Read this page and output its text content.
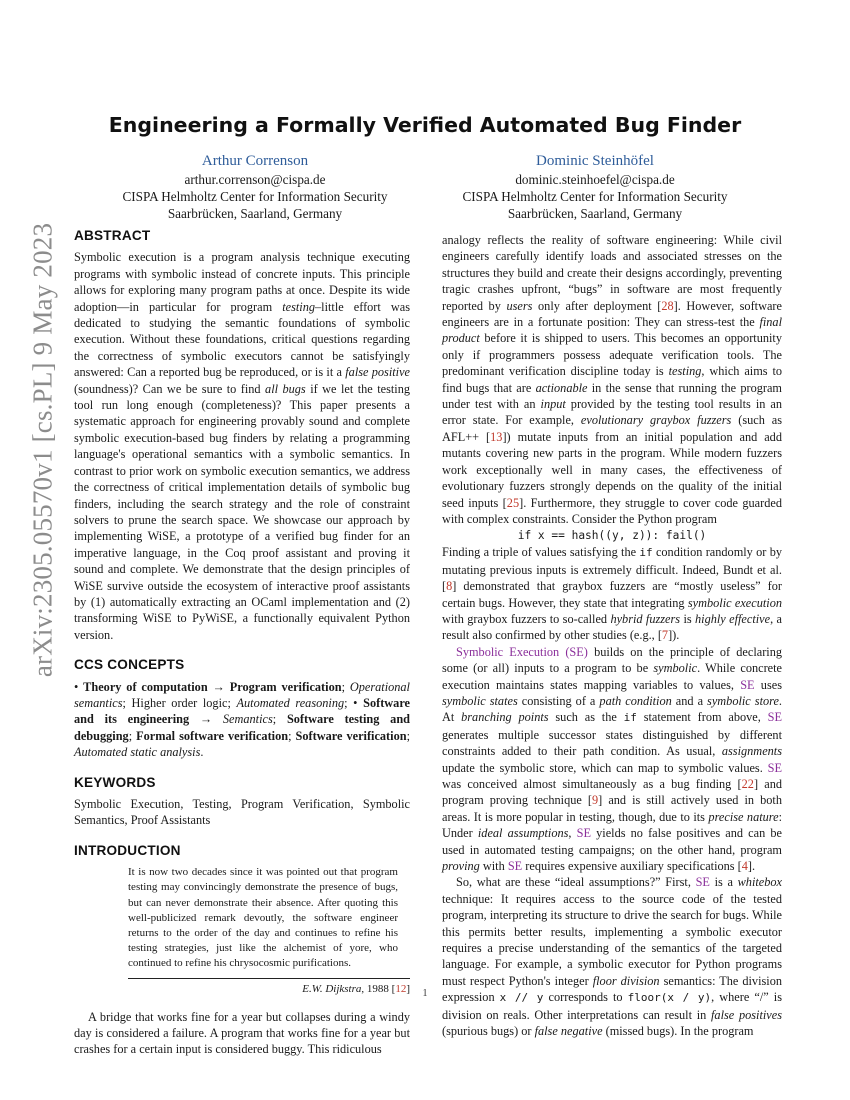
arXiv:2305.05570v1 [cs.PL] 9 May 2023
Engineering a Formally Verified Automated Bug Finder
Arthur Correnson
arthur.correnson@cispa.de
CISPA Helmholtz Center for Information Security
Saarbrücken, Saarland, Germany
Dominic Steinhöfel
dominic.steinhoefel@cispa.de
CISPA Helmholtz Center for Information Security
Saarbrücken, Saarland, Germany
ABSTRACT

Symbolic execution is a program analysis technique executing programs with symbolic instead of concrete inputs. This principle allows for exploring many program paths at once. Despite its wide adoption—in particular for program testing–little effort was dedicated to studying the semantic foundations of symbolic execution. Without these foundations, critical questions regarding the correctness of symbolic executors cannot be satisfyingly answered: Can a reported bug be reproduced, or is it a false positive (soundness)? Can we be sure to find all bugs if we let the testing tool run long enough (completeness)? This paper presents a systematic approach for engineering provably sound and complete symbolic execution-based bug finders by relating a programming language's operational semantics with a symbolic semantics. In contrast to prior work on symbolic execution semantics, we address the correctness of critical implementation details of symbolic bug finders, including the search strategy and the role of constraint solvers to prune the search space. We showcase our approach by implementing WiSE, a prototype of a verified bug finder for an imperative language, in the Coq proof assistant and proving it sound and complete. We demonstrate that the design principles of WiSE survive outside the ecosystem of interactive proof assistants by (1) automatically extracting an OCaml implementation and (2) transforming WiSE to PyWiSE, a functionally equivalent Python version.

CCS CONCEPTS

• Theory of computation → Program verification; Operational semantics; Higher order logic; Automated reasoning; • Software and its engineering → Semantics; Software testing and debugging; Formal software verification; Software verification; Automated static analysis.

KEYWORDS

Symbolic Execution, Testing, Program Verification, Symbolic Semantics, Proof Assistants

INTRODUCTION
It is now two decades since it was pointed out that program testing may convincingly demonstrate the presence of bugs, but can never demonstrate their absence. After quoting this well-publicized remark devoutly, the software engineer returns to the order of the day and continues to refine his testing strategies, just like the alchemist of yore, who continued to refine his chrysocosmic purifications.
E.W. Dijkstra, 1988 [12]

A bridge that works fine for a year but collapses during a windy day is considered a failure. A program that works fine for a year but crashes for a certain input is considered buggy. This ridiculous

analogy reflects the reality of software engineering: While civil engineers carefully identify loads and associated stresses on the structures they build and create their designs accordingly, preventing tragic crashes upfront, “bugs” in software are most frequently reported by users only after deployment [28]. However, software engineers are in a fortunate position: They can stress-test the final product before it is shipped to users. This becomes an opportunity only if programmers possess adequate verification tools. The predominant verification discipline today is testing, which aims to find bugs that are actionable in the sense that running the program under test with an input provided by the testing tool results in an error state. For example, evolutionary graybox fuzzers (such as AFL++ [13]) mutate inputs from an initial population and add mutants covering new parts in the program. While modern fuzzers work exceptionally well in many cases, the effectiveness of evolutionary fuzzers strongly depends on the quality of the initial seed inputs [25]. Furthermore, they struggle to cover code guarded with complex constraints. Consider the Python program

if x == hash((y, z)): fail()

Finding a triple of values satisfying the if condition randomly or by mutating previous inputs is extremely difficult. Indeed, Bundt et al. [8] demonstrated that graybox fuzzers are “mostly useless” for certain bugs. However, they state that integrating symbolic execution with graybox fuzzers to so-called hybrid fuzzers is highly effective, a result also confirmed by other studies (e.g., [7]).

Symbolic Execution (SE) builds on the principle of declaring some (or all) inputs to a program to be symbolic. While concrete execution maintains states mapping variables to values, SE uses symbolic states consisting of a path condition and a symbolic store. At branching points such as the if statement from above, SE generates multiple successor states distinguished by different constraints added to their path condition. As usual, assignments update the symbolic store, which can map to symbolic values. SE was conceived almost simultaneously as a bug finding [22] and program proving technique [9] and is still actively used in both areas. It is more popular in testing, though, due to its precise nature: Under ideal assumptions, SE yields no false positives and can be used in automated testing campaigns; on the other hand, program proving with SE requires expensive auxiliary specifications [4].

So, what are these “ideal assumptions?” First, SE is a whitebox technique: It requires access to the source code of the tested program, interpreting its structure to drive the search for bugs. While this permits better results, implementing a symbolic executor requires a precise understanding of the semantics of the targeted language. For example, a symbolic executor for Python programs must respect Python's integer floor division semantics: The division expression x // y corresponds to floor(x / y), where “/” is division on reals. Other interpretations can result in false positives (spurious bugs) or false negative (missed bugs). In the program

1
